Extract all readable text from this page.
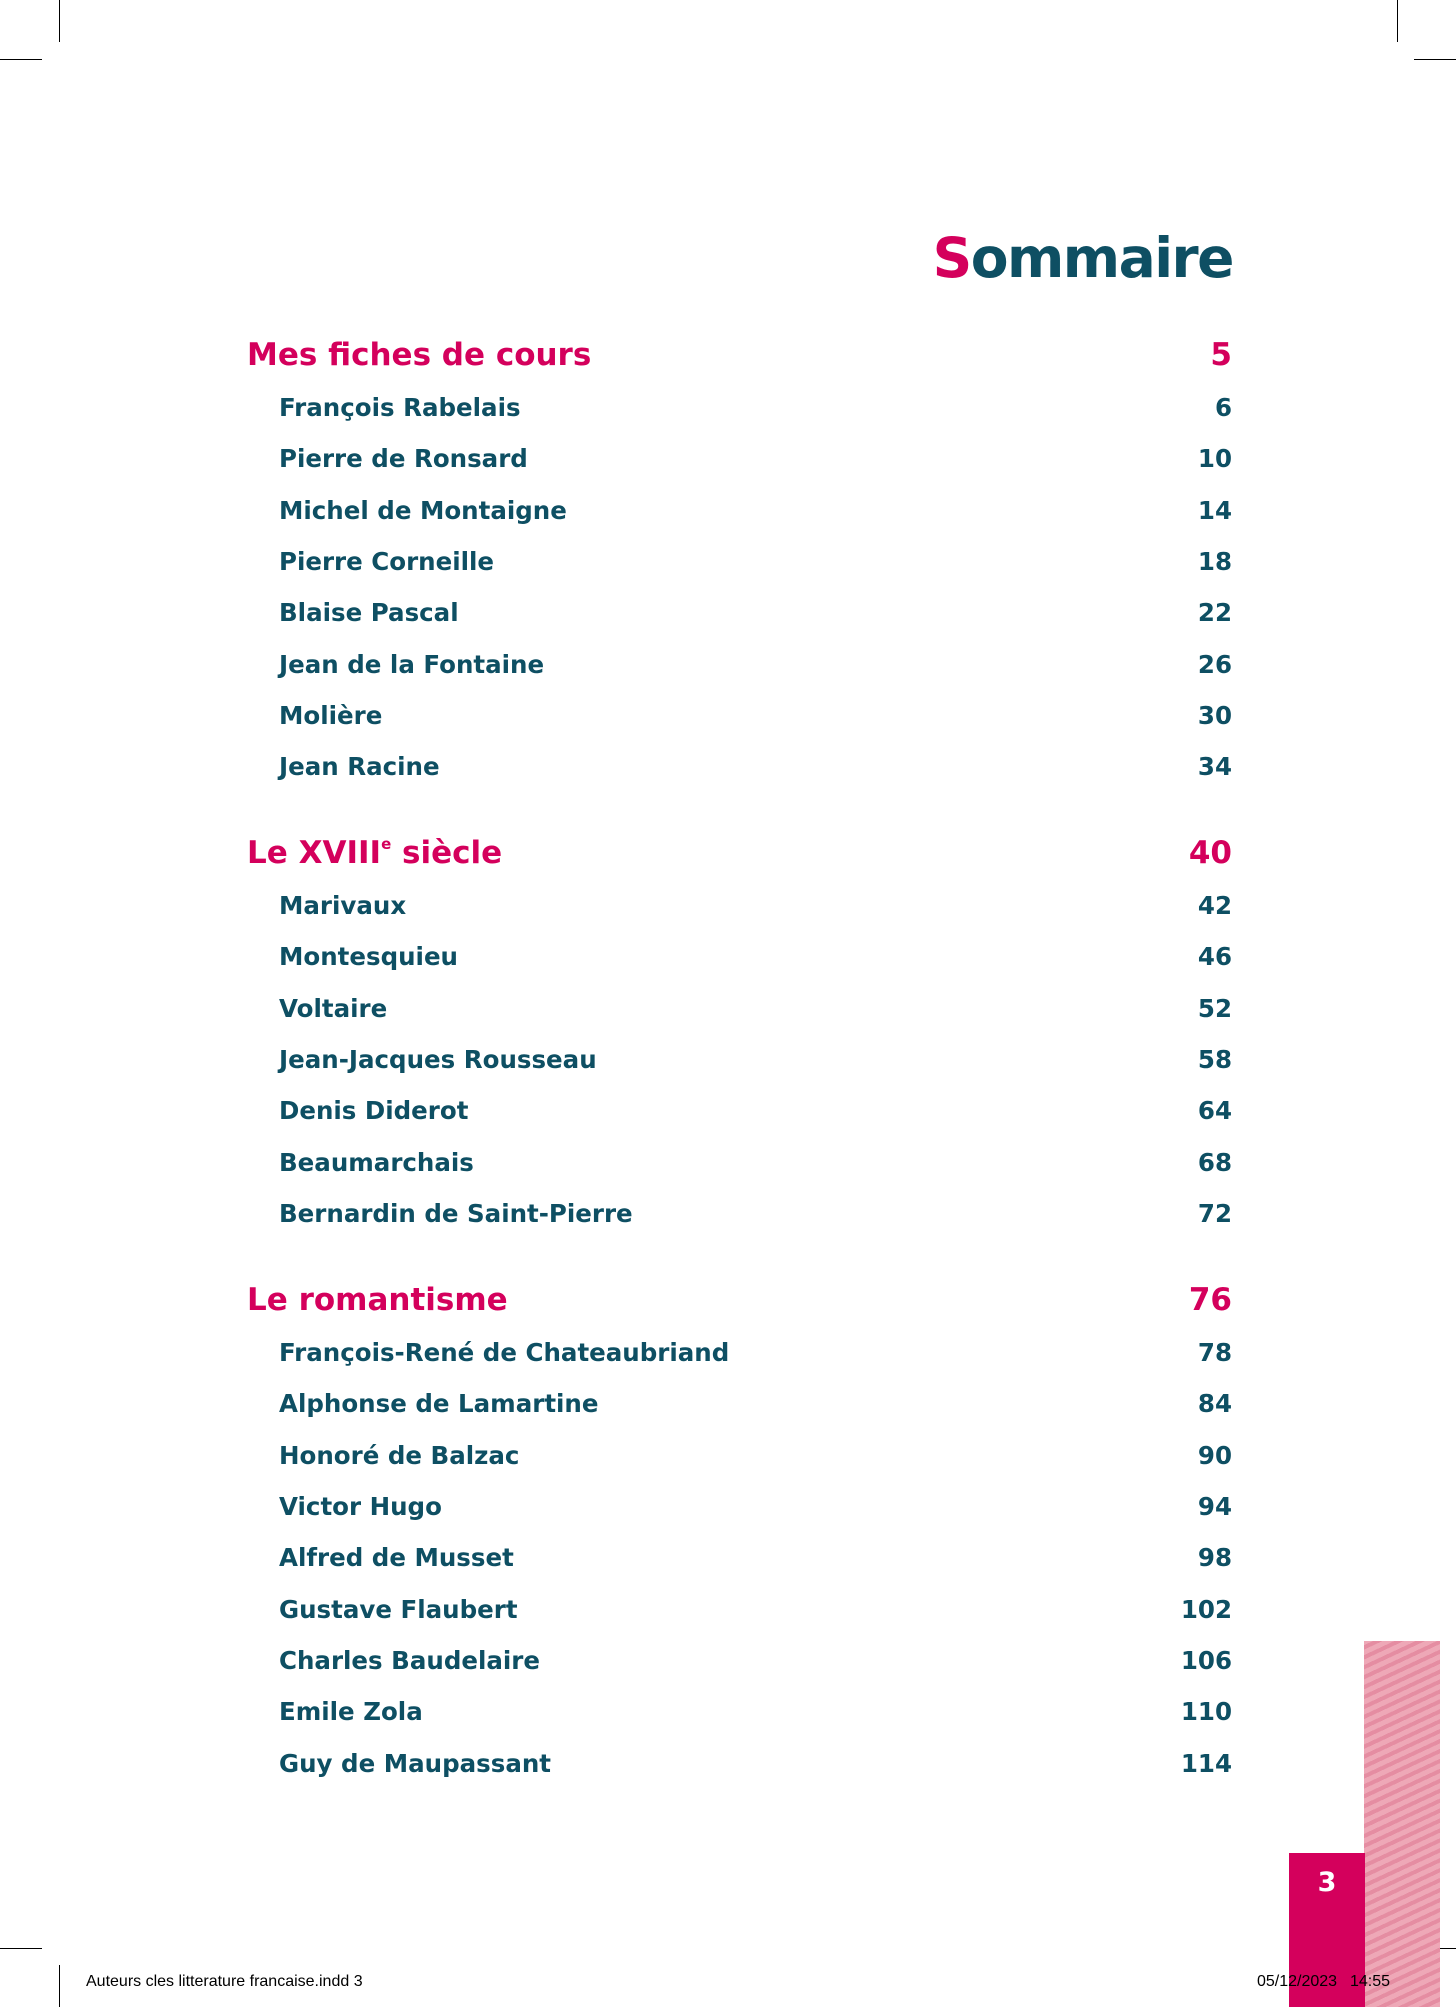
Sommaire
Mes fiches de cours	5
François Rabelais	6
Pierre de Ronsard	10
Michel de Montaigne	14
Pierre Corneille	18
Blaise Pascal	22
Jean de la Fontaine	26
Molière	30
Jean Racine	34
Le XVIIIe siècle	40
Marivaux	42
Montesquieu	46
Voltaire	52
Jean-Jacques Rousseau	58
Denis Diderot	64
Beaumarchais	68
Bernardin de Saint-Pierre	72
Le romantisme	76
François-René de Chateaubriand	78
Alphonse de Lamartine	84
Honoré de Balzac	90
Victor Hugo	94
Alfred de Musset	98
Gustave Flaubert	102
Charles Baudelaire	106
Emile Zola	110
Guy de Maupassant	114
3
Auteurs cles litterature francaise.indd 3	05/12/2023 14:55
